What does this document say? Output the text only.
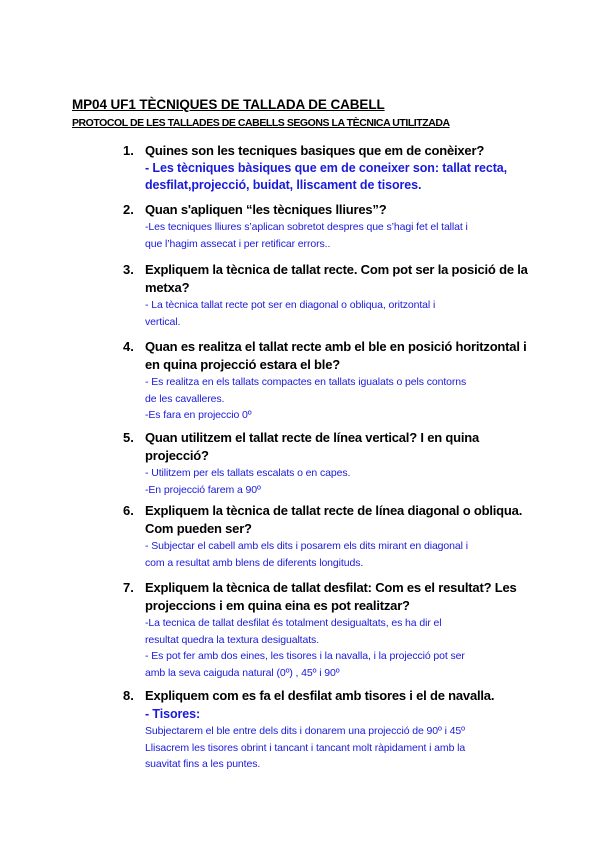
MP04 UF1 TÈCNIQUES DE TALLADA DE CABELL
PROTOCOL DE LES TALLADES DE CABELLS SEGONS LA TÈCNICA UTILITZADA
1. Quines son les tecniques basiques que em de conèixer?
- Les tècniques bàsiques que em de coneixer son: tallat recta,
desfilat,projecció, buidat, lliscament de tisores.
2. Quan s'apliquen “les tècniques lliures”?
-Les tecniques lliures s’aplican sobretot despres que s’hagi fet el tallat i
que l’hagim assecat i per retificar errors..
3. Expliquem la tècnica de tallat recte. Com pot ser la posició de la metxa?
- La tècnica tallat recte pot ser en diagonal o obliqua, oritzontal i
vertical.
4. Quan es realitza el tallat recte amb el ble en posició horitzontal i en quina projecció estara el ble?
- Es realitza en els tallats compactes en tallats igualats o pels contorns
de les cavalleres.
-Es fara en projeccio 0º
5. Quan utilitzem el tallat recte de línea vertical? I en quina projecció?
- Utilitzem per els tallats escalats o en capes.
-En projecció farem a 90º
6. Expliquem la tècnica de tallat recte de línea diagonal o obliqua. Com pueden ser?
- Subjectar el cabell amb els dits i posarem els dits mirant en diagonal i
com a resultat amb blens de diferents longituds.
7. Expliquem la tècnica de tallat desfilat: Com es el resultat? Les projeccions i em quina eina es pot realitzar?
-La tecnica de tallat desfilat és totalment desigualtats, es ha dir el
resultat quedra la textura desigualtats.
- Es pot fer amb dos eines, les tisores i la navalla, i la projecció pot ser
amb la seva caiguda natural (0º) , 45º i 90º
8. Expliquem com es fa el desfilat amb tisores i el de navalla.
- Tisores:
Subjectarem el ble entre dels dits i donarem una projecció de 90º i 45º
Llisacrem les tisores obrint i tancant i tancant molt ràpidament i amb la
suavitat fins a les puntes.
